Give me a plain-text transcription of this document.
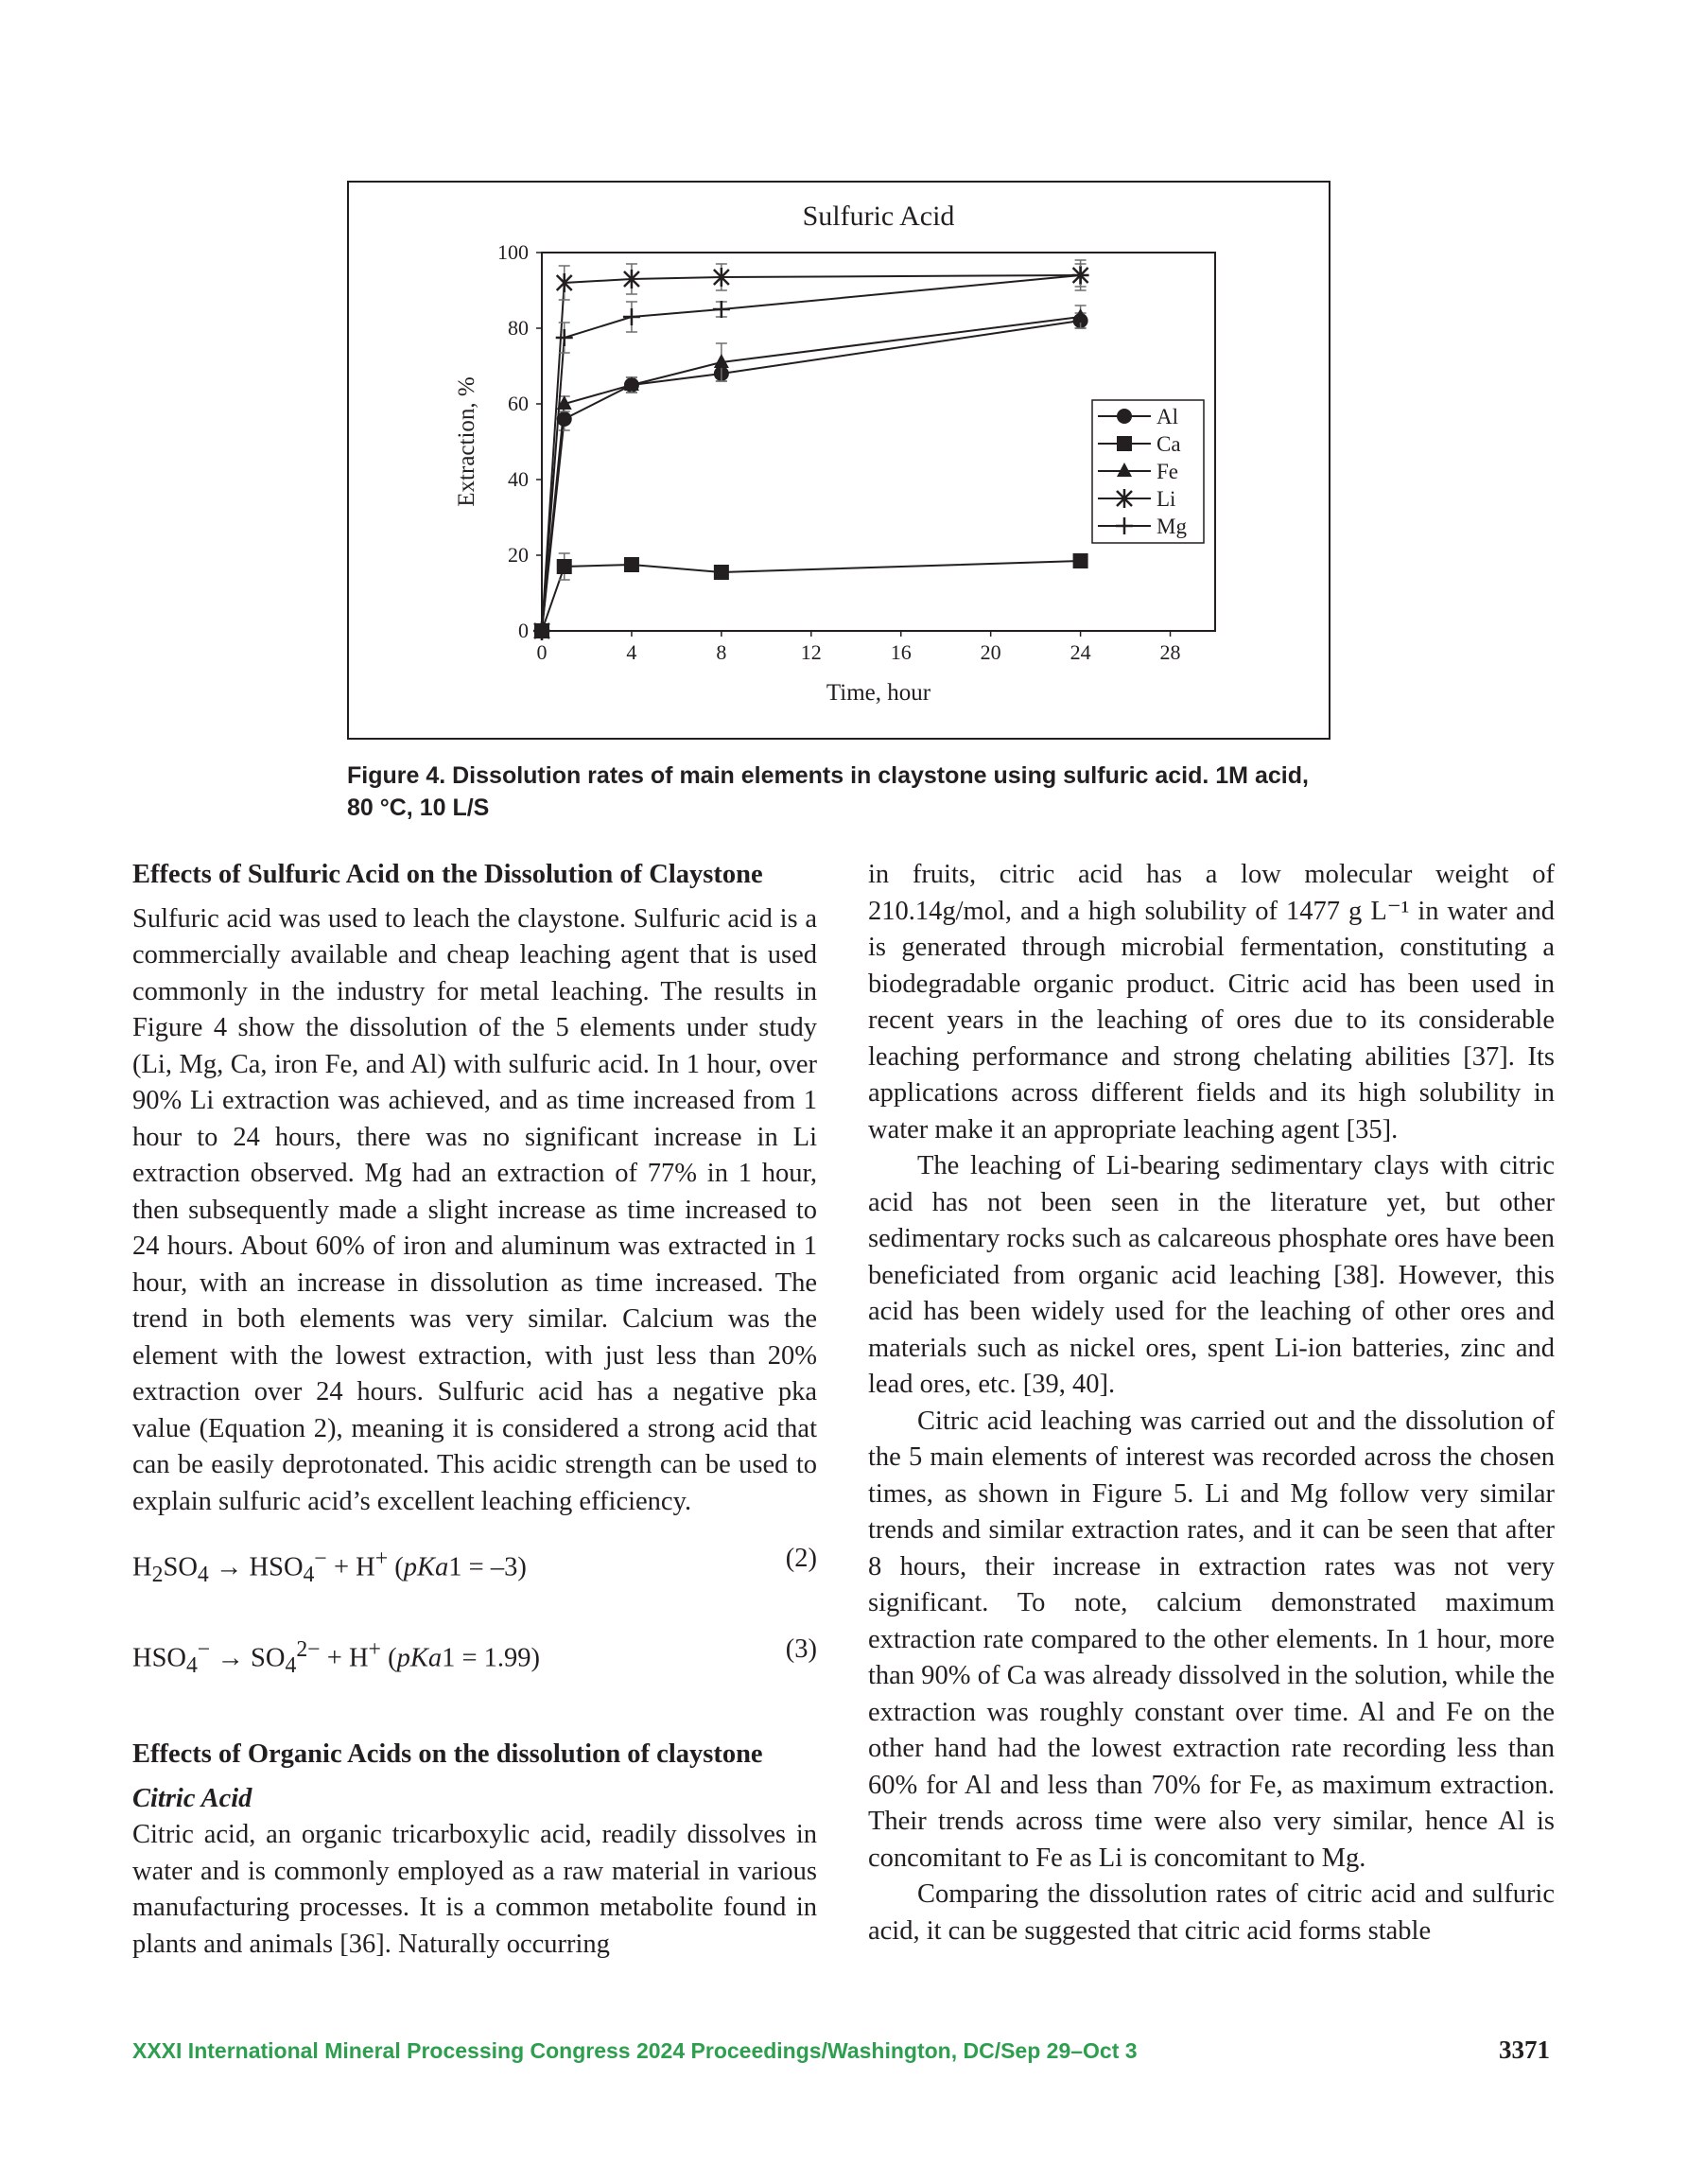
Sulfuric Acid
0
20
40
60
80
100
0	4	8	12	16	20	24	28
Time, hour
Extraction, %	Al
Ca
Fe
Li
Mg
Figure 4. Dissolution rates of main elements in claystone using sulfuric acid. 1M acid,
80 °C, 10 L/S
Effects of Sulfuric Acid on the Dissolution of Claystone

Sulfuric acid was used to leach the claystone. Sulfuric acid is a commercially available and cheap leaching agent that is used commonly in the industry for metal leaching. The results in Figure 4 show the dissolution of the 5 elements under study (Li, Mg, Ca, iron Fe, and Al) with sulfuric acid. In 1 hour, over 90% Li extraction was achieved, and as time increased from 1 hour to 24 hours, there was no significant increase in Li extraction observed. Mg had an extraction of 77% in 1 hour, then subsequently made a slight increase as time increased to 24 hours. About 60% of iron and aluminum was extracted in 1 hour, with an increase in dissolution as time increased. The trend in both elements was very similar. Calcium was the element with the lowest extraction, with just less than 20% extraction over 24 hours. Sulfuric acid has a negative pka value (Equation 2), meaning it is considered a strong acid that can be easily deprotonated. This acidic strength can be used to explain sulfuric acid’s excellent leaching efficiency.

$H_2SO_4 \to HSO_4^- + H^+$ (pKa1 = –3)	(2)
$HSO_4^- \to SO_4^{2-} + H^+$ (pKa1 = 1.99)	(3)
Effects of Organic Acids on the dissolution of claystone
Citric Acid

Citric acid, an organic tricarboxylic acid, readily dissolves in water and is commonly employed as a raw material in various manufacturing processes. It is a common metabolite found in plants and animals [36]. Naturally occurring

in fruits, citric acid has a low molecular weight of 210.14g/mol, and a high solubility of 1477 g L⁻¹ in water and is generated through microbial fermentation, constituting a biodegradable organic product. Citric acid has been used in recent years in the leaching of ores due to its considerable leaching performance and strong chelating abilities [37]. Its applications across different fields and its high solubility in water make it an appropriate leaching agent [35].

The leaching of Li-bearing sedimentary clays with citric acid has not been seen in the literature yet, but other sedimentary rocks such as calcareous phosphate ores have been beneficiated from organic acid leaching [38]. However, this acid has been widely used for the leaching of other ores and materials such as nickel ores, spent Li-ion batteries, zinc and lead ores, etc. [39, 40].

Citric acid leaching was carried out and the dissolution of the 5 main elements of interest was recorded across the chosen times, as shown in Figure 5. Li and Mg follow very similar trends and similar extraction rates, and it can be seen that after 8 hours, their increase in extraction rates was not very significant. To note, calcium demonstrated maximum extraction rate compared to the other elements. In 1 hour, more than 90% of Ca was already dissolved in the solution, while the extraction was roughly constant over time. Al and Fe on the other hand had the lowest extraction rate recording less than 60% for Al and less than 70% for Fe, as maximum extraction. Their trends across time were also very similar, hence Al is concomitant to Fe as Li is concomitant to Mg.

Comparing the dissolution rates of citric acid and sulfuric acid, it can be suggested that citric acid forms stable

XXXI International Mineral Processing Congress 2024 Proceedings/Washington, DC/Sep 29–Oct 3	3371
